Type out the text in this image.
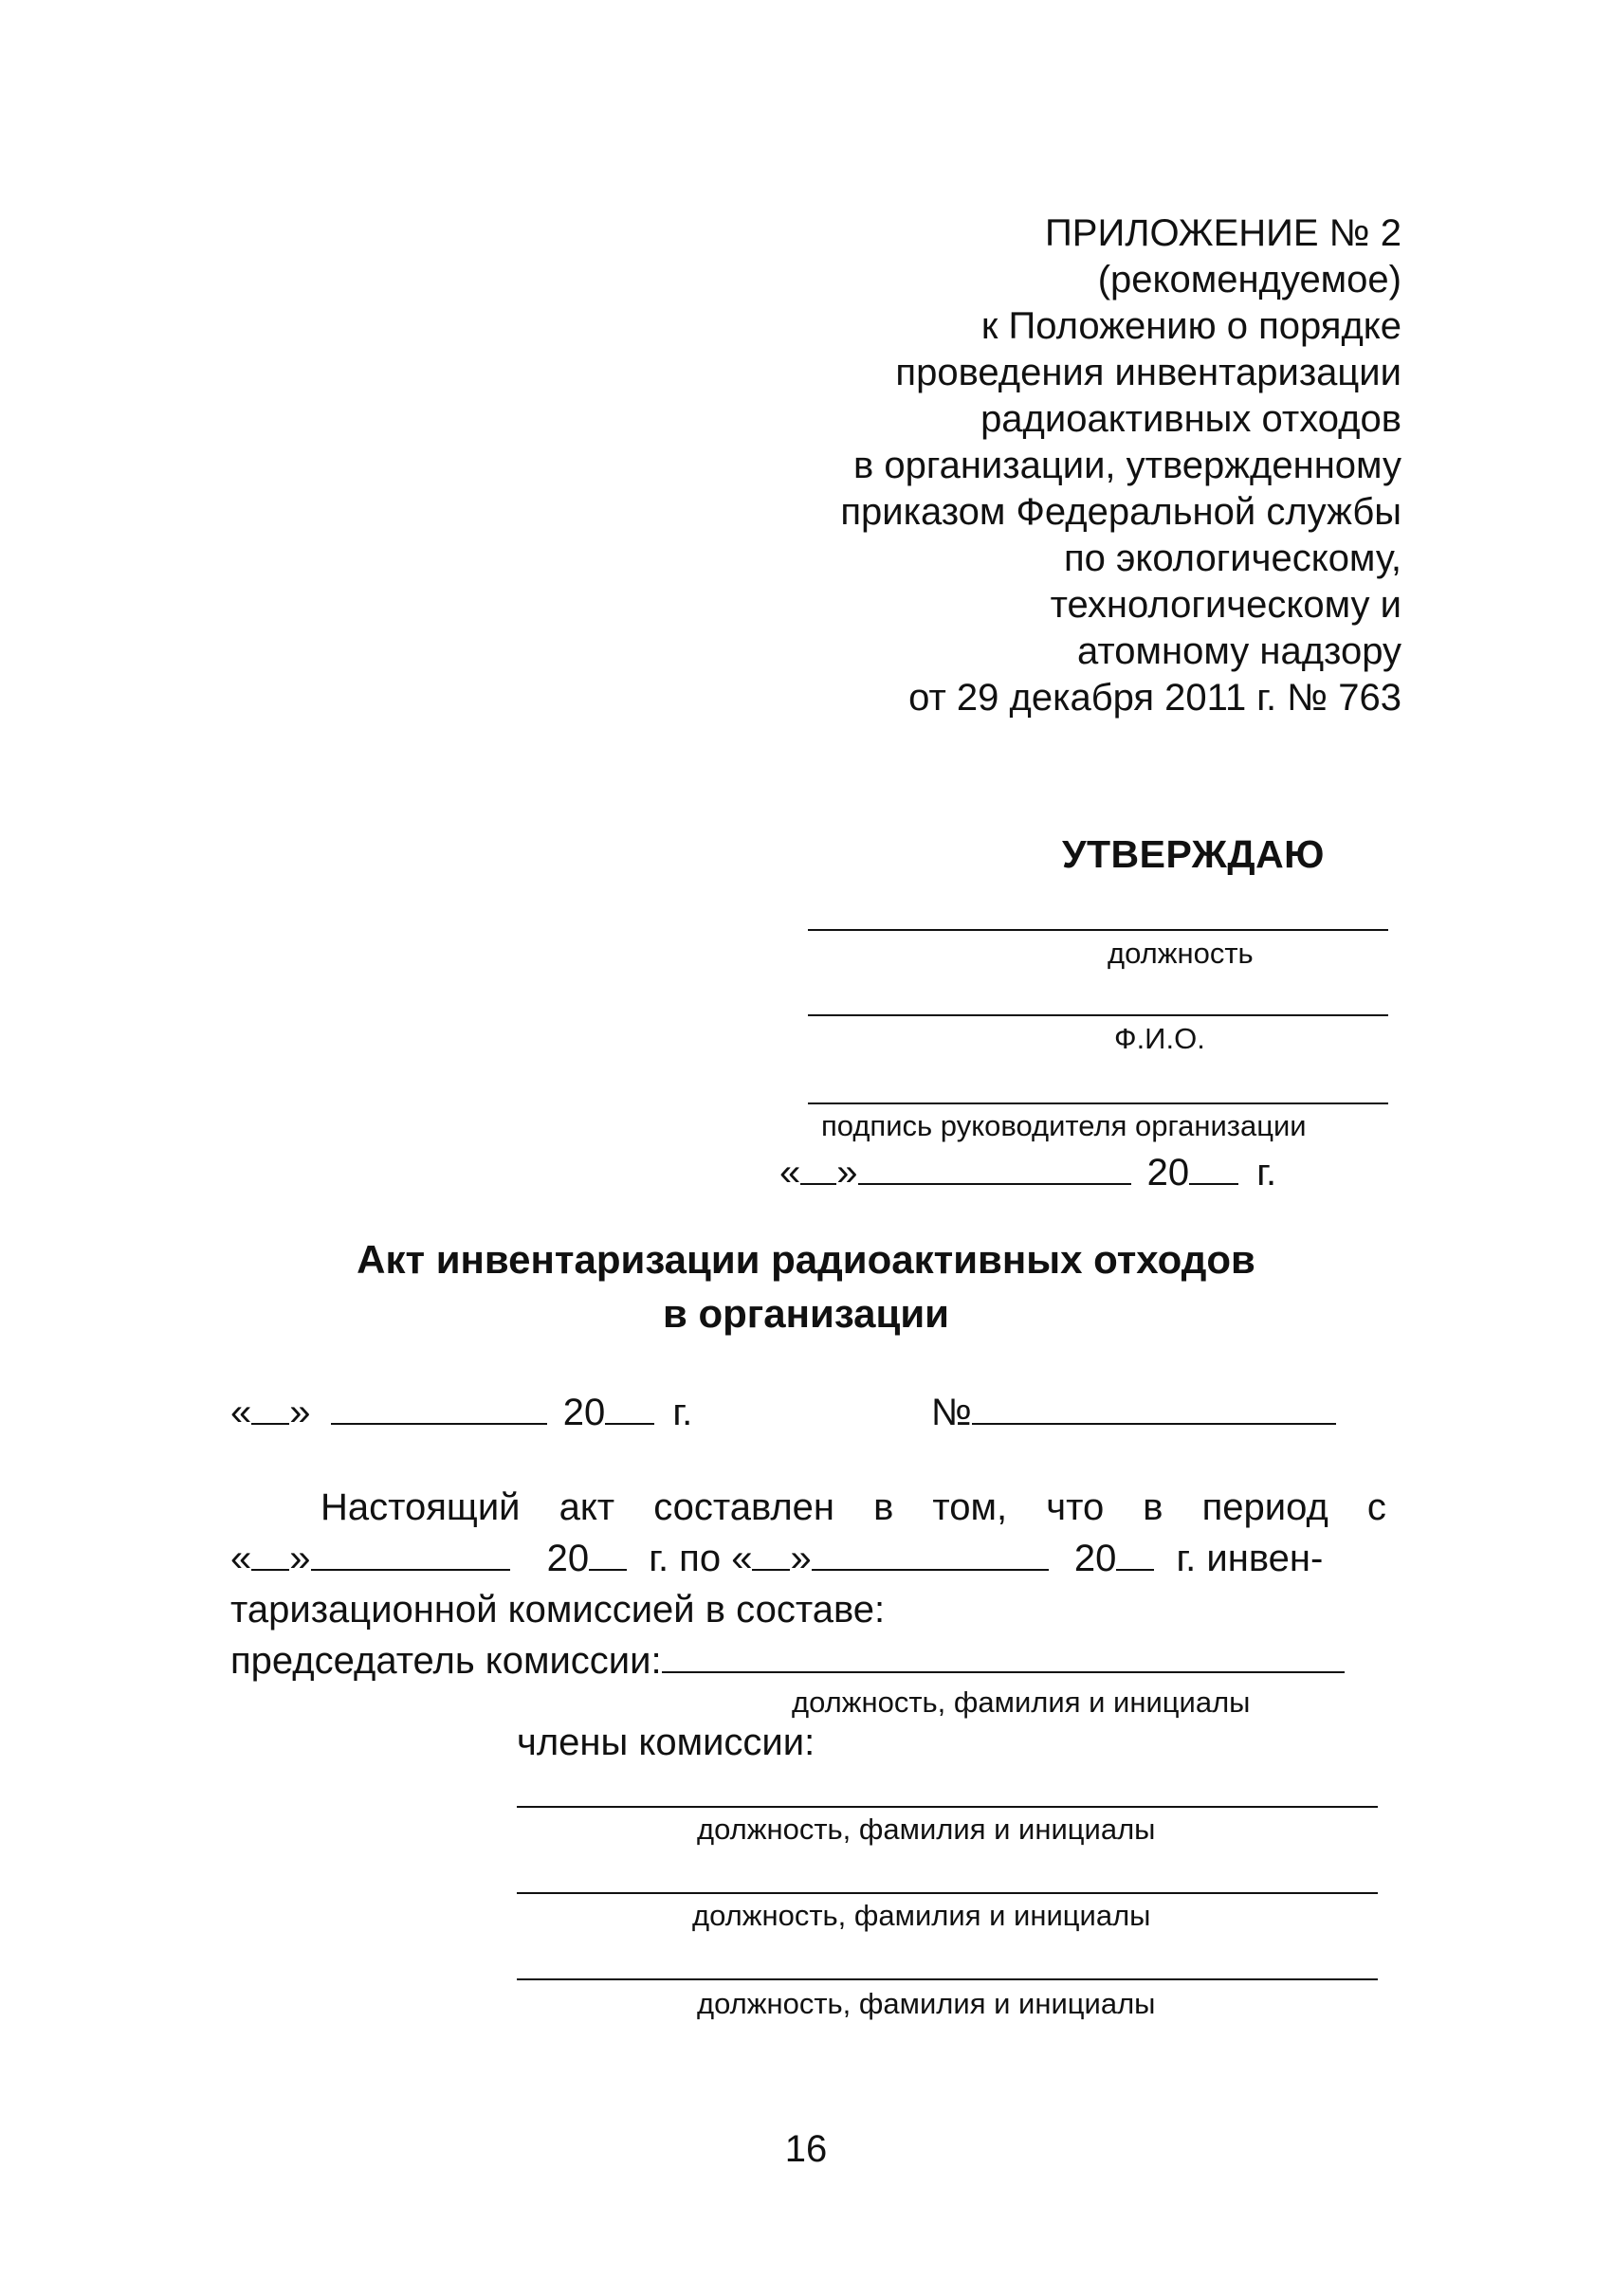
ПРИЛОЖЕНИЕ № 2
(рекомендуемое)
к Положению о порядке
проведения инвентаризации
радиоактивных отходов
в организации, утвержденному
приказом Федеральной службы
по экологическому,
технологическому и
атомному надзору
от 29 декабря 2011 г. № 763
УТВЕРЖДАЮ
должность
Ф.И.О.
подпись руководителя организации
« »	20 г.
Акт инвентаризации радиоактивных отходов
в организации
« »	20 г.	№
Настоящий акт составлен в том, что в период с
« »	20 г. по « »	20 г. инвен-
таризационной комиссией в составе:
председатель комиссии:
должность, фамилия и инициалы
члены комиссии:
должность, фамилия и инициалы
должность, фамилия и инициалы
должность, фамилия и инициалы
16
